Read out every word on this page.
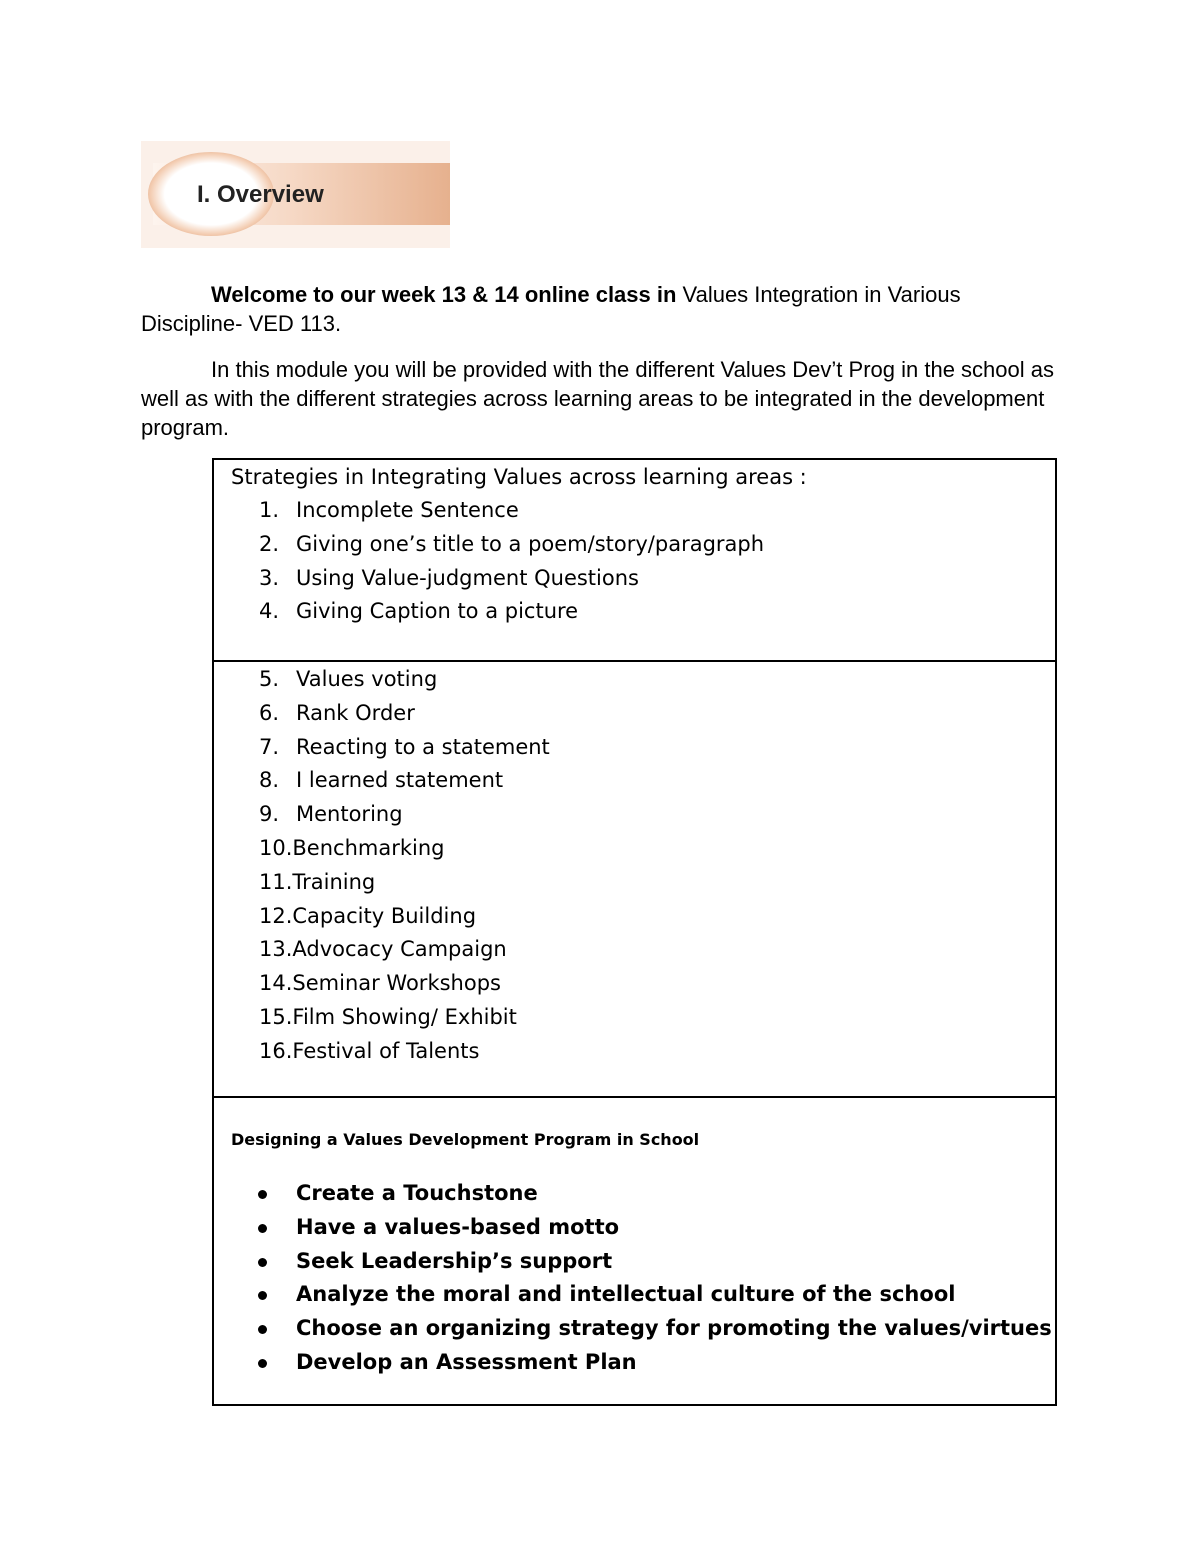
I. Overview

Welcome to our week 13 & 14 online class in Values Integration in Various Discipline- VED 113.

In this module you will be provided with the different Values Dev’t Prog in the school as well as with the different strategies across learning areas to be integrated in the development program.

Strategies in Integrating Values across learning areas :
1. Incomplete Sentence
2. Giving one’s title to a poem/story/paragraph
3. Using Value-judgment Questions
4. Giving Caption to a picture
5. Values voting
6. Rank Order
7. Reacting to a statement
8. I learned statement
9. Mentoring
10.Benchmarking
11.Training
12.Capacity Building
13.Advocacy Campaign
14.Seminar Workshops
15.Film Showing/ Exhibit
16.Festival of Talents
Designing a Values Development Program in School
Create a Touchstone
Have a values-based motto
Seek Leadership’s support
Analyze the moral and intellectual culture of the school
Choose an organizing strategy for promoting the values/virtues
Develop an Assessment Plan
